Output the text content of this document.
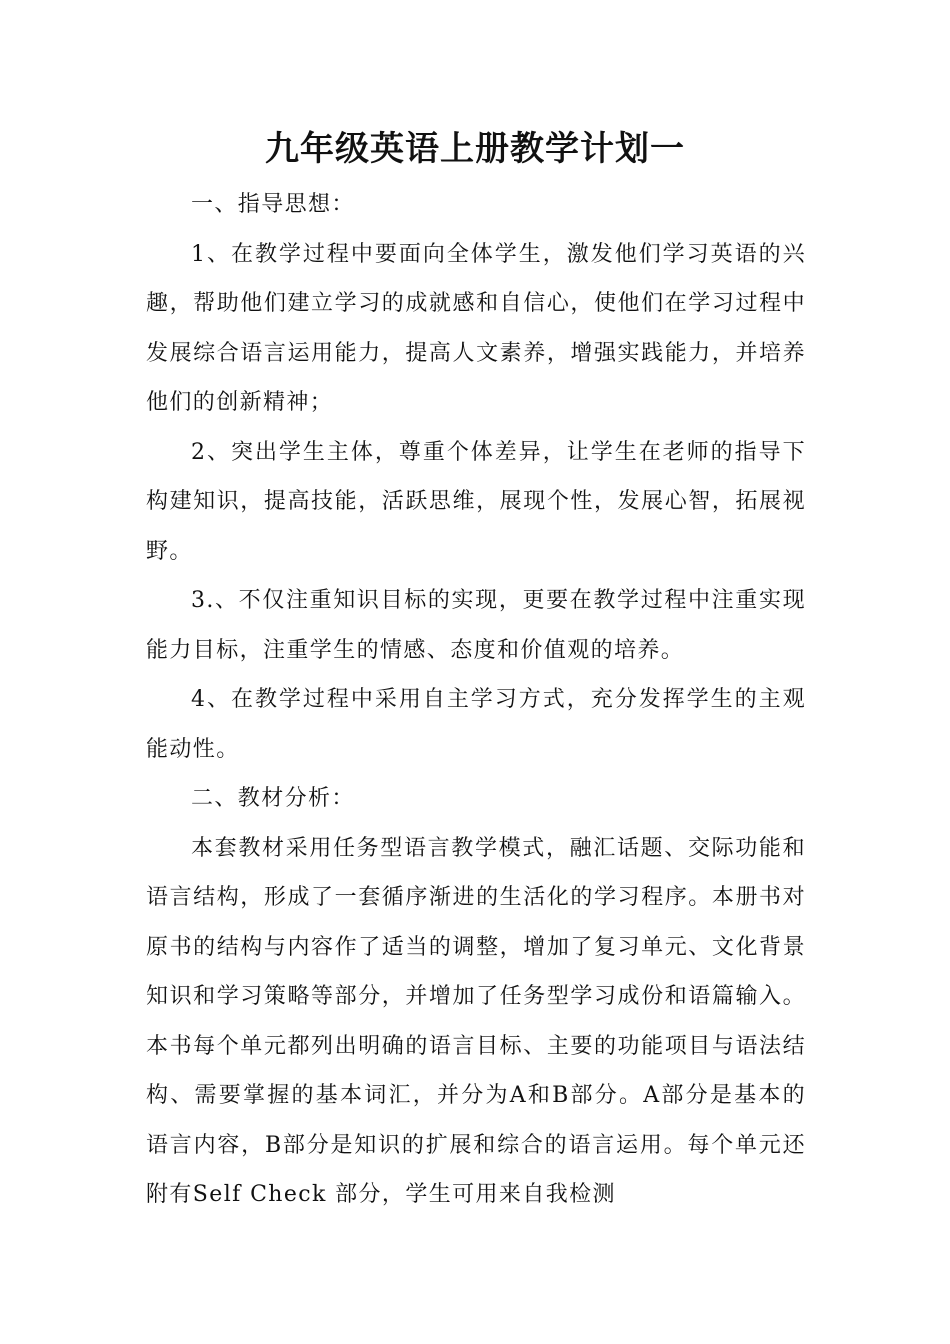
九年级英语上册教学计划一

一、指导思想：

1、在教学过程中要面向全体学生，激发他们学习英语的兴趣，帮助他们建立学习的成就感和自信心，使他们在学习过程中发展综合语言运用能力，提高人文素养，增强实践能力，并培养他们的创新精神；

2、突出学生主体，尊重个体差异，让学生在老师的指导下构建知识，提高技能，活跃思维，展现个性，发展心智，拓展视野。

3.、不仅注重知识目标的实现，更要在教学过程中注重实现能力目标，注重学生的情感、态度和价值观的培养。

4、在教学过程中采用自主学习方式，充分发挥学生的主观能动性。

二、教材分析：

本套教材采用任务型语言教学模式，融汇话题、交际功能和语言结构，形成了一套循序渐进的生活化的学习程序。本册书对原书的结构与内容作了适当的调整，增加了复习单元、文化背景知识和学习策略等部分，并增加了任务型学习成份和语篇输入。本书每个单元都列出明确的语言目标、主要的功能项目与语法结构、需要掌握的基本词汇，并分为A和B部分。A部分是基本的语言内容，B部分是知识的扩展和综合的语言运用。每个单元还附有Self Check 部分，学生可用来自我检测
